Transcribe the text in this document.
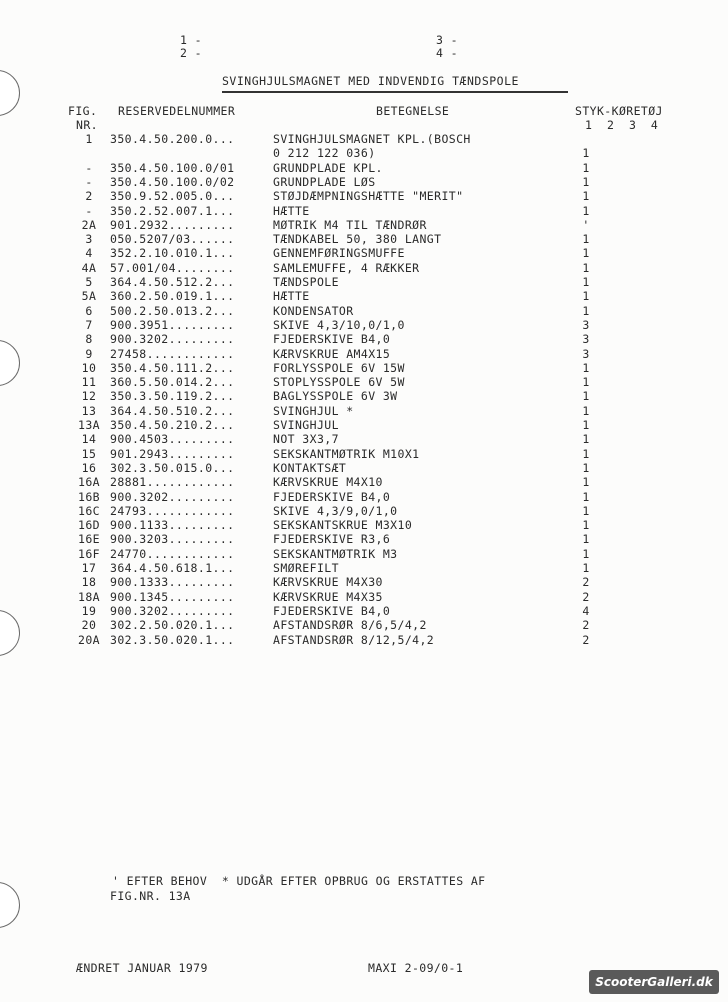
1 -
2 -
3 -
4 -
SVINGHJULSMAGNET MED INDVENDIG TÆNDSPOLE
FIG.
NR.
RESERVEDELNUMMER	BETEGNELSE	STYK-KØRETØJ
1  2  3  4
1	350.4.50.200.0...	SVINGHJULSMAGNET KPL.(BOSCH
0 212 122 036)	1
-	350.4.50.100.0/01	GRUNDPLADE KPL.	1
-	350.4.50.100.0/02	GRUNDPLADE LØS	1
2	350.9.52.005.0...	STØJDÆMPNINGSHÆTTE "MERIT"	1
-	350.2.52.007.1...	HÆTTE	1
2A	901.2932.........	MØTRIK M4 TIL TÆNDRØR	'
3	050.5207/03......	TÆNDKABEL 50, 380 LANGT	1
4	352.2.10.010.1...	GENNEMFØRINGSMUFFE	1
4A	57.001/04........	SAMLEMUFFE, 4 RÆKKER	1
5	364.4.50.512.2...	TÆNDSPOLE	1
5A	360.2.50.019.1...	HÆTTE	1
6	500.2.50.013.2...	KONDENSATOR	1
7	900.3951.........	SKIVE 4,3/10,0/1,0	3
8	900.3202.........	FJEDERSKIVE B4,0	3
9	27458............	KÆRVSKRUE AM4X15	3
10	350.4.50.111.2...	FORLYSSPOLE 6V 15W	1
11	360.5.50.014.2...	STOPLYSSPOLE 6V 5W	1
12	350.3.50.119.2...	BAGLYSSPOLE 6V 3W	1
13	364.4.50.510.2...	SVINGHJUL *	1
13A 350.4.50.210.2...	SVINGHJUL	1
14	900.4503.........	NOT 3X3,7	1
15	901.2943.........	SEKSKANTMØTRIK M10X1	1
16	302.3.50.015.0...	KONTAKTSÆT	1
16A 28881............	KÆRVSKRUE M4X10	1
16B 900.3202.........	FJEDERSKIVE B4,0	1
16C 24793............	SKIVE 4,3/9,0/1,0	1
16D 900.1133.........	SEKSKANTSKRUE M3X10	1
16E 900.3203.........	FJEDERSKIVE R3,6	1
16F 24770............	SEKSKANTMØTRIK M3	1
17	364.4.50.618.1...	SMØREFILT	1
18	900.1333.........	KÆRVSKRUE M4X30	2
18A 900.1345.........	KÆRVSKRUE M4X35	2
19	900.3202.........	FJEDERSKIVE B4,0	4
20	302.2.50.020.1...	AFSTANDSRØR 8/6,5/4,2	2
20A 302.3.50.020.1...	AFSTANDSRØR 8/12,5/4,2	2
' EFTER BEHOV  * UDGÅR EFTER OPBRUG OG ERSTATTES AF
FIG.NR. 13A
ÆNDRET JANUAR 1979	MAXI 2-09/0-1
ScooterGalleri.dk
